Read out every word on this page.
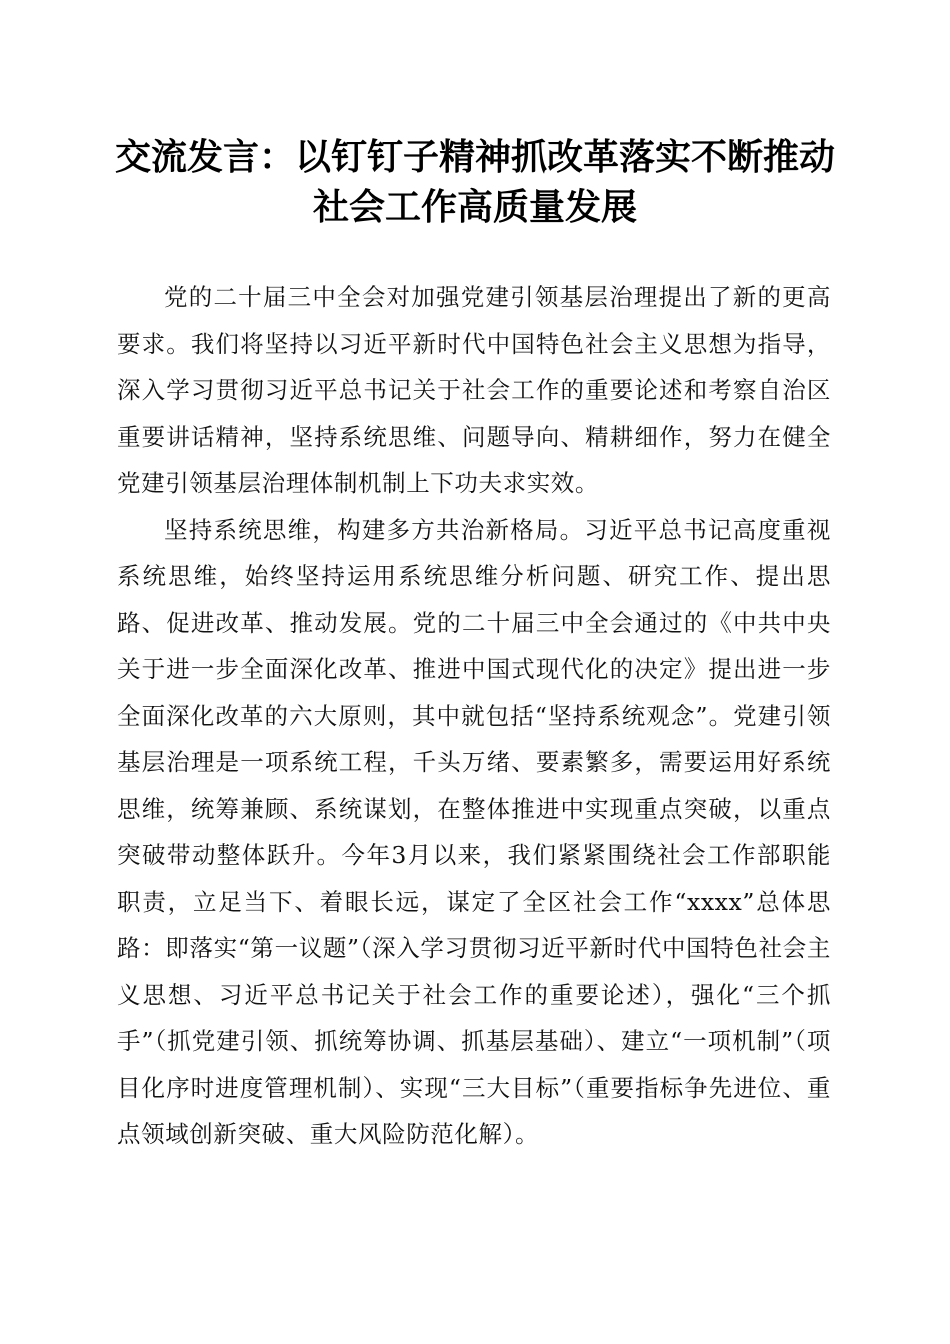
交流发言：以钉钉子精神抓改革落实不断推动
社会工作高质量发展

党的二十届三中全会对加强党建引领基层治理提出了新的更高要求。我们将坚持以习近平新时代中国特色社会主义思想为指导，深入学习贯彻习近平总书记关于社会工作的重要论述和考察自治区重要讲话精神，坚持系统思维、问题导向、精耕细作，努力在健全党建引领基层治理体制机制上下功夫求实效。

坚持系统思维，构建多方共治新格局。习近平总书记高度重视系统思维，始终坚持运用系统思维分析问题、研究工作、提出思路、促进改革、推动发展。党的二十届三中全会通过的《中共中央关于进一步全面深化改革、推进中国式现代化的决定》提出进一步全面深化改革的六大原则，其中就包括“坚持系统观念”。党建引领基层治理是一项系统工程，千头万绪、要素繁多，需要运用好系统思维，统筹兼顾、系统谋划，在整体推进中实现重点突破，以重点突破带动整体跃升。今年3月以来，我们紧紧围绕社会工作部职能职责，立足当下、着眼长远，谋定了全区社会工作“xxxx”总体思路：即落实“第一议题”（深入学习贯彻习近平新时代中国特色社会主义思想、习近平总书记关于社会工作的重要论述），强化“三个抓手”（抓党建引领、抓统筹协调、抓基层基础）、建立“一项机制”（项目化序时进度管理机制）、实现“三大目标”（重要指标争先进位、重点领域创新突破、重大风险防范化解）。
